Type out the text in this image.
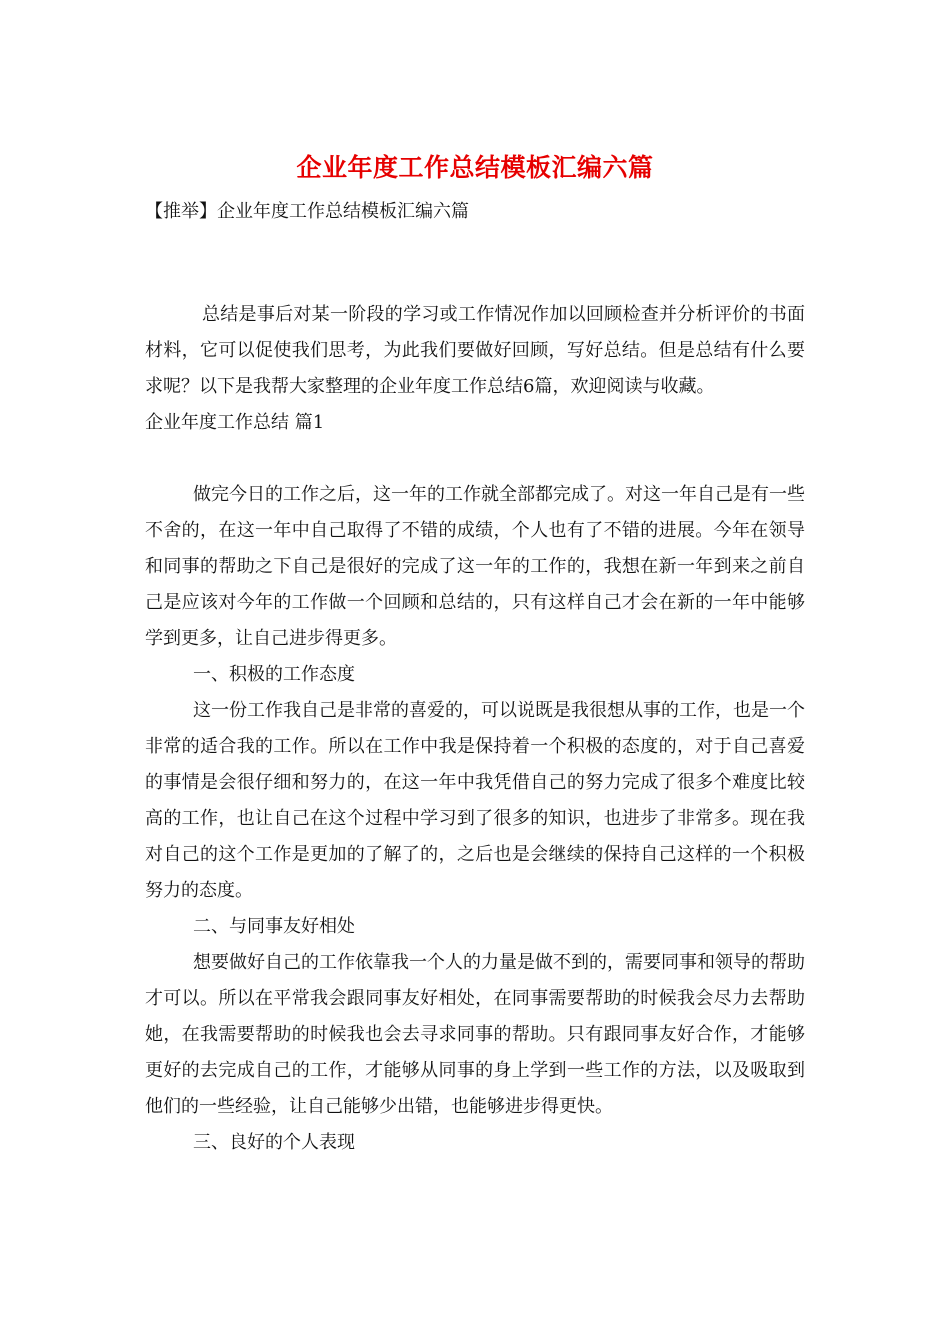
企业年度工作总结模板汇编六篇
【推举】企业年度工作总结模板汇编六篇

总结是事后对某一阶段的学习或工作情况作加以回顾检查并分析评价的书面材料，它可以促使我们思考，为此我们要做好回顾，写好总结。但是总结有什么要求呢？以下是我帮大家整理的企业年度工作总结6篇，欢迎阅读与收藏。

企业年度工作总结 篇1

做完今日的工作之后，这一年的工作就全部都完成了。对这一年自己是有一些不舍的，在这一年中自己取得了不错的成绩，个人也有了不错的进展。今年在领导和同事的帮助之下自己是很好的完成了这一年的工作的，我想在新一年到来之前自己是应该对今年的工作做一个回顾和总结的，只有这样自己才会在新的一年中能够学到更多，让自己进步得更多。

一、积极的工作态度

这一份工作我自己是非常的喜爱的，可以说既是我很想从事的工作，也是一个非常的适合我的工作。所以在工作中我是保持着一个积极的态度的，对于自己喜爱的事情是会很仔细和努力的，在这一年中我凭借自己的努力完成了很多个难度比较高的工作，也让自己在这个过程中学习到了很多的知识，也进步了非常多。现在我对自己的这个工作是更加的了解了的，之后也是会继续的保持自己这样的一个积极努力的态度。

二、与同事友好相处

想要做好自己的工作依靠我一个人的力量是做不到的，需要同事和领导的帮助才可以。所以在平常我会跟同事友好相处，在同事需要帮助的时候我会尽力去帮助她，在我需要帮助的时候我也会去寻求同事的帮助。只有跟同事友好合作，才能够更好的去完成自己的工作，才能够从同事的身上学到一些工作的方法，以及吸取到他们的一些经验，让自己能够少出错，也能够进步得更快。

三、良好的个人表现
